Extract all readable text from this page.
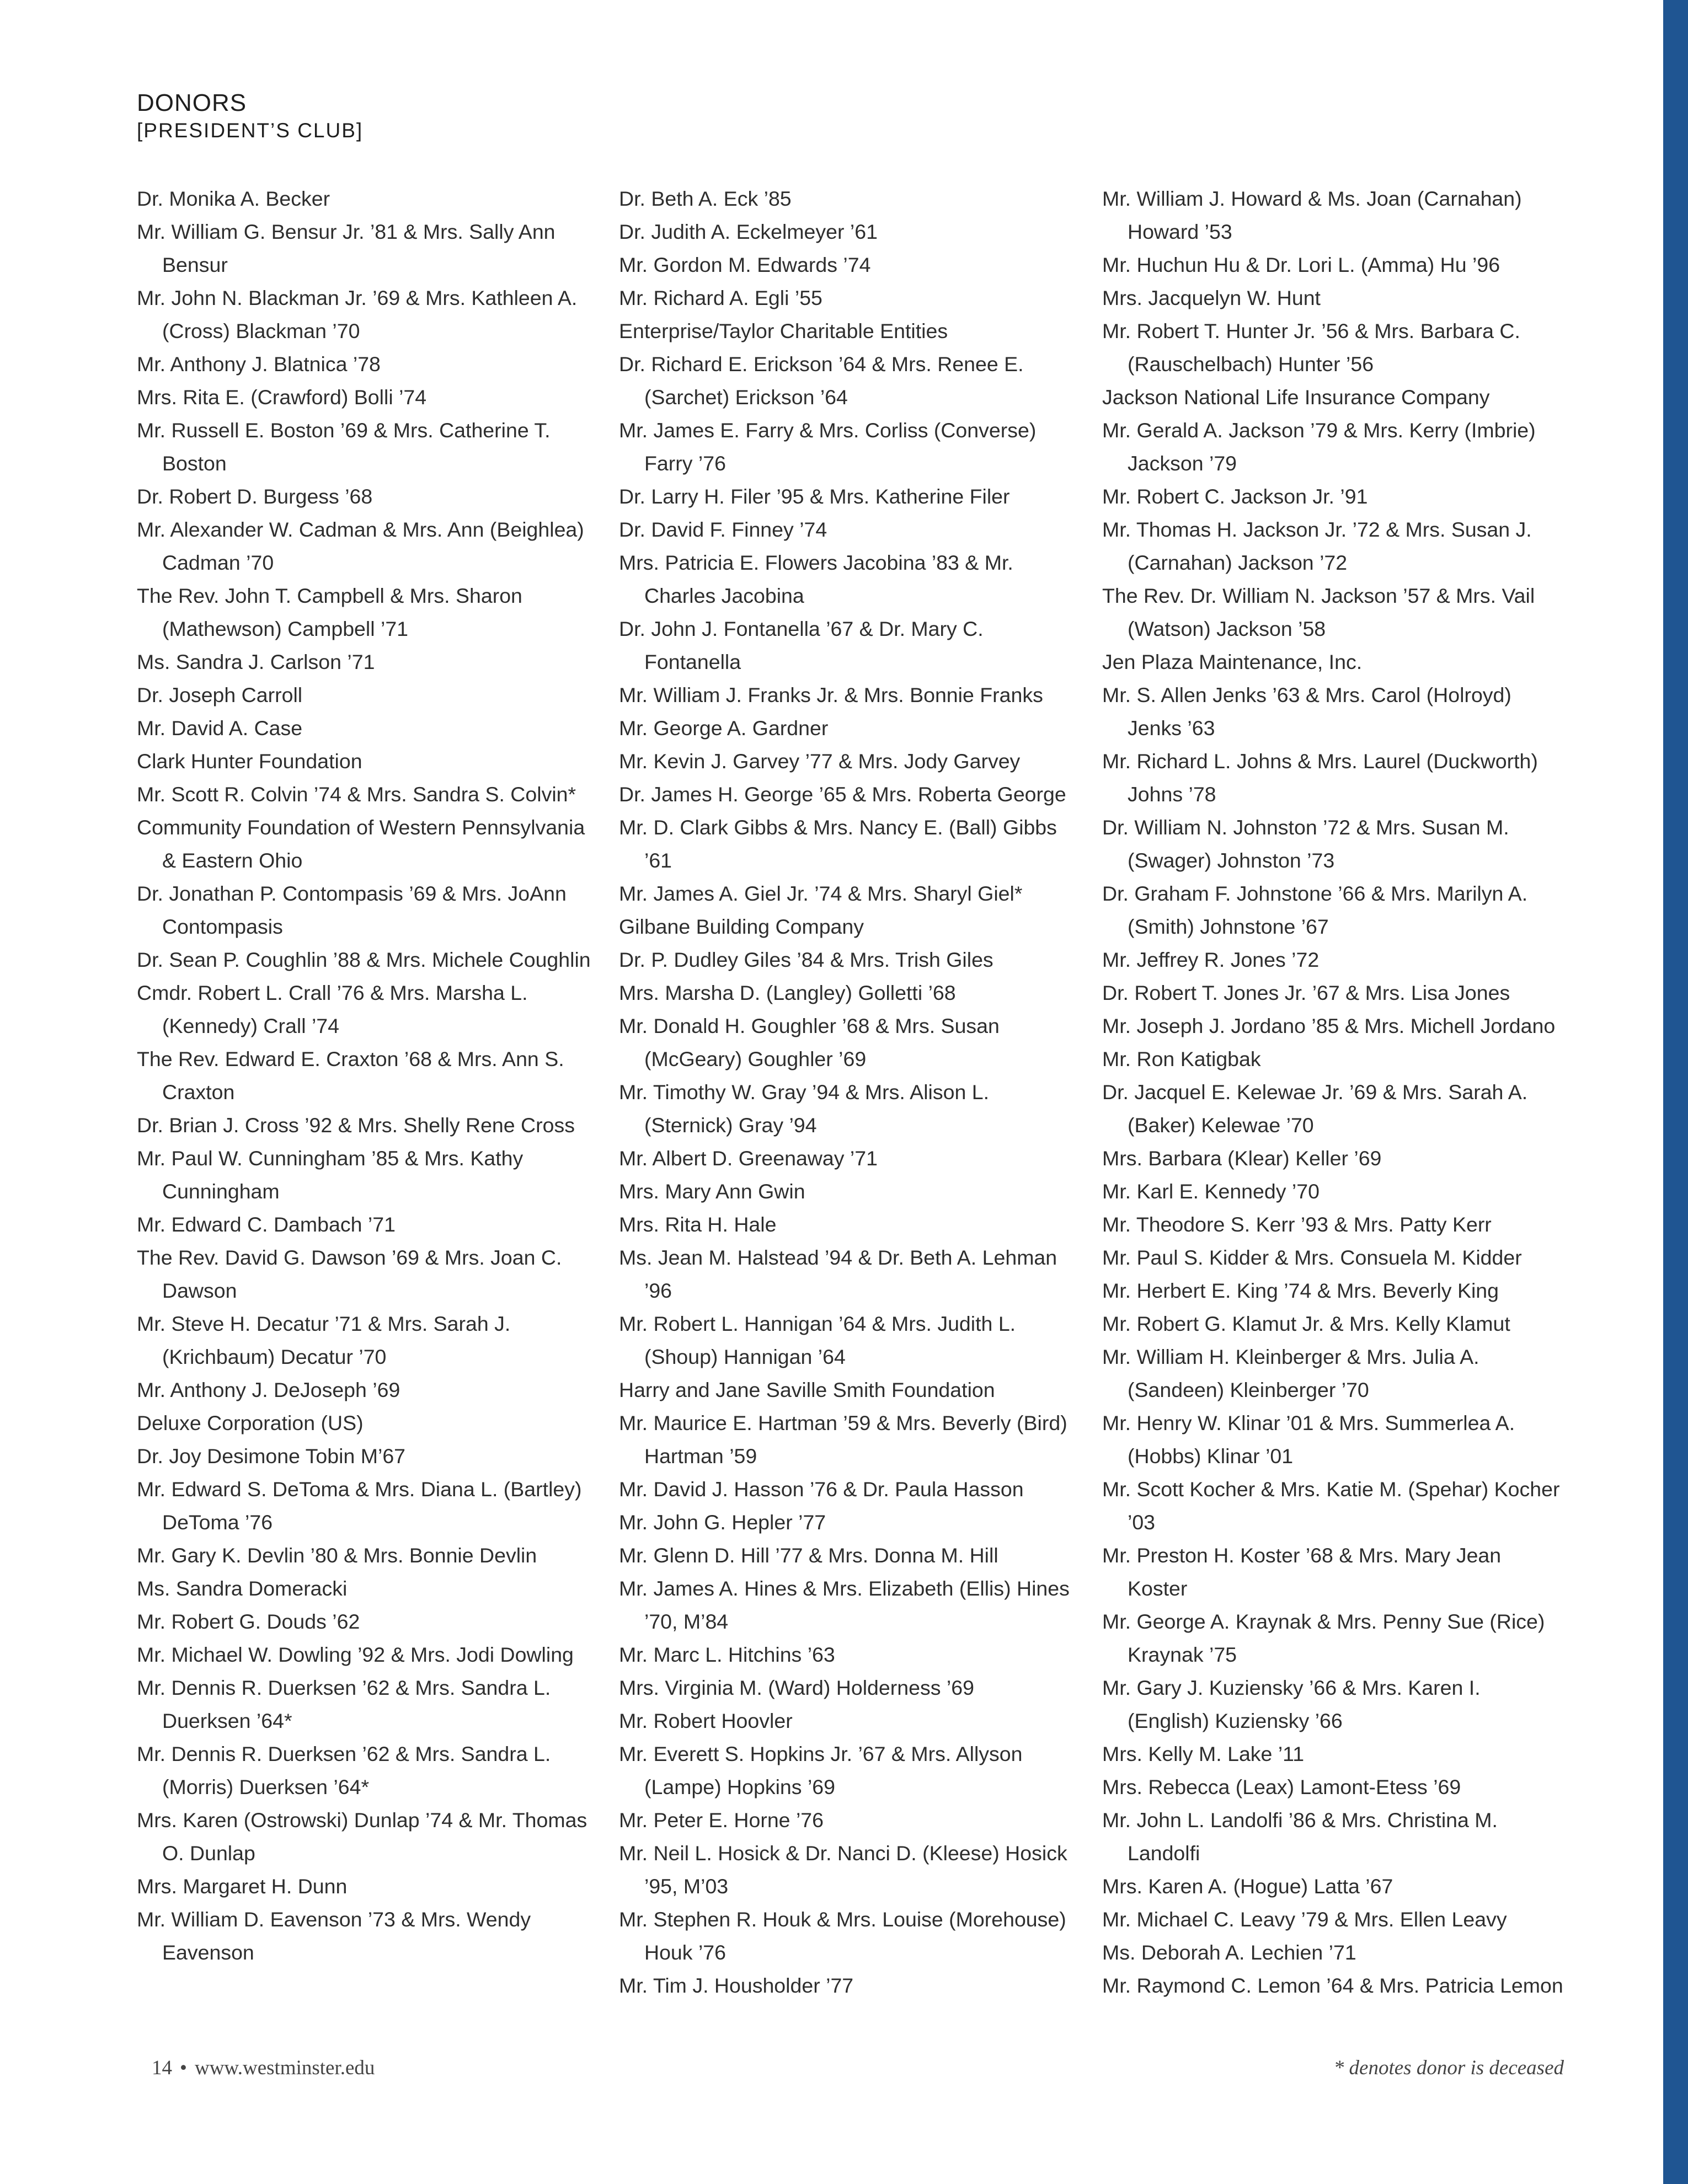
DONORS
[PRESIDENT’S CLUB]
Dr. Monika A. Becker
Mr. William G. Bensur Jr. ’81 & Mrs. Sally Ann Bensur
Mr. John N. Blackman Jr. ’69 & Mrs. Kathleen A. (Cross) Blackman ’70
Mr. Anthony J. Blatnica ’78
Mrs. Rita E. (Crawford) Bolli ’74
Mr. Russell E. Boston ’69 & Mrs. Catherine T. Boston
Dr. Robert D. Burgess ’68
Mr. Alexander W. Cadman & Mrs. Ann (Beighlea) Cadman ’70
The Rev. John T. Campbell & Mrs. Sharon (Mathewson) Campbell ’71
Ms. Sandra J. Carlson ’71
Dr. Joseph Carroll
Mr. David A. Case
Clark Hunter Foundation
Mr. Scott R. Colvin ’74 & Mrs. Sandra S. Colvin*
Community Foundation of Western Pennsylvania & Eastern Ohio
Dr. Jonathan P. Contompasis ’69 & Mrs. JoAnn Contompasis
Dr. Sean P. Coughlin ’88 & Mrs. Michele Coughlin
Cmdr. Robert L. Crall ’76 & Mrs. Marsha L. (Kennedy) Crall ’74
The Rev. Edward E. Craxton ’68 & Mrs. Ann S. Craxton
Dr. Brian J. Cross ’92 & Mrs. Shelly Rene Cross
Mr. Paul W. Cunningham ’85 & Mrs. Kathy Cunningham
Mr. Edward C. Dambach ’71
The Rev. David G. Dawson ’69 & Mrs. Joan C. Dawson
Mr. Steve H. Decatur ’71 & Mrs. Sarah J. (Krichbaum) Decatur ’70
Mr. Anthony J. DeJoseph ’69
Deluxe Corporation (US)
Dr. Joy Desimone Tobin M’67
Mr. Edward S. DeToma & Mrs. Diana L. (Bartley) DeToma ’76
Mr. Gary K. Devlin ’80 & Mrs. Bonnie Devlin
Ms. Sandra Domeracki
Mr. Robert G. Douds ’62
Mr. Michael W. Dowling ’92 & Mrs. Jodi Dowling
Mr. Dennis R. Duerksen ’62 & Mrs. Sandra L. Duerksen ’64*
Mr. Dennis R. Duerksen ’62 & Mrs. Sandra L. (Morris) Duerksen ’64*
Mrs. Karen (Ostrowski) Dunlap ’74 & Mr. Thomas O. Dunlap
Mrs. Margaret H. Dunn
Mr. William D. Eavenson ’73 & Mrs. Wendy Eavenson
Dr. Beth A. Eck ’85
Dr. Judith A. Eckelmeyer ’61
Mr. Gordon M. Edwards ’74
Mr. Richard A. Egli ’55
Enterprise/Taylor Charitable Entities
Dr. Richard E. Erickson ’64 & Mrs. Renee E. (Sarchet) Erickson ’64
Mr. James E. Farry & Mrs. Corliss (Converse) Farry ’76
Dr. Larry H. Filer ’95 & Mrs. Katherine Filer
Dr. David F. Finney ’74
Mrs. Patricia E. Flowers Jacobina ’83 & Mr. Charles Jacobina
Dr. John J. Fontanella ’67 & Dr. Mary C. Fontanella
Mr. William J. Franks Jr. & Mrs. Bonnie Franks
Mr. George A. Gardner
Mr. Kevin J. Garvey ’77 & Mrs. Jody Garvey
Dr. James H. George ’65 & Mrs. Roberta George
Mr. D. Clark Gibbs & Mrs. Nancy E. (Ball) Gibbs ’61
Mr. James A. Giel Jr. ’74 & Mrs. Sharyl Giel*
Gilbane Building Company
Dr. P. Dudley Giles ’84 & Mrs. Trish Giles
Mrs. Marsha D. (Langley) Golletti ’68
Mr. Donald H. Goughler ’68 & Mrs. Susan (McGeary) Goughler ’69
Mr. Timothy W. Gray ’94 & Mrs. Alison L. (Sternick) Gray ’94
Mr. Albert D. Greenaway ’71
Mrs. Mary Ann Gwin
Mrs. Rita H. Hale
Ms. Jean M. Halstead ’94 & Dr. Beth A. Lehman ’96
Mr. Robert L. Hannigan ’64 & Mrs. Judith L. (Shoup) Hannigan ’64
Harry and Jane Saville Smith Foundation
Mr. Maurice E. Hartman ’59 & Mrs. Beverly (Bird) Hartman ’59
Mr. David J. Hasson ’76 & Dr. Paula Hasson
Mr. John G. Hepler ’77
Mr. Glenn D. Hill ’77 & Mrs. Donna M. Hill
Mr. James A. Hines & Mrs. Elizabeth (Ellis) Hines ’70, M’84
Mr. Marc L. Hitchins ’63
Mrs. Virginia M. (Ward) Holderness ’69
Mr. Robert Hoovler
Mr. Everett S. Hopkins Jr. ’67 & Mrs. Allyson (Lampe) Hopkins ’69
Mr. Peter E. Horne ’76
Mr. Neil L. Hosick & Dr. Nanci D. (Kleese) Hosick ’95, M’03
Mr. Stephen R. Houk & Mrs. Louise (Morehouse) Houk ’76
Mr. Tim J. Housholder ’77
Mr. William J. Howard & Ms. Joan (Carnahan) Howard ’53
Mr. Huchun Hu & Dr. Lori L. (Amma) Hu ’96
Mrs. Jacquelyn W. Hunt
Mr. Robert T. Hunter Jr. ’56 & Mrs. Barbara C. (Rauschelbach) Hunter ’56
Jackson National Life Insurance Company
Mr. Gerald A. Jackson ’79 & Mrs. Kerry (Imbrie) Jackson ’79
Mr. Robert C. Jackson Jr. ’91
Mr. Thomas H. Jackson Jr. ’72 & Mrs. Susan J. (Carnahan) Jackson ’72
The Rev. Dr. William N. Jackson ’57 & Mrs. Vail (Watson) Jackson ’58
Jen Plaza Maintenance, Inc.
Mr. S. Allen Jenks ’63 & Mrs. Carol (Holroyd) Jenks ’63
Mr. Richard L. Johns & Mrs. Laurel (Duckworth) Johns ’78
Dr. William N. Johnston ’72 & Mrs. Susan M. (Swager) Johnston ’73
Dr. Graham F. Johnstone ’66 & Mrs. Marilyn A. (Smith) Johnstone ’67
Mr. Jeffrey R. Jones ’72
Dr. Robert T. Jones Jr. ’67 & Mrs. Lisa Jones
Mr. Joseph J. Jordano ’85 & Mrs. Michell Jordano
Mr. Ron Katigbak
Dr. Jacquel E. Kelewae Jr. ’69 & Mrs. Sarah A. (Baker) Kelewae ’70
Mrs. Barbara (Klear) Keller ’69
Mr. Karl E. Kennedy ’70
Mr. Theodore S. Kerr ’93 & Mrs. Patty Kerr
Mr. Paul S. Kidder & Mrs. Consuela M. Kidder
Mr. Herbert E. King ’74 & Mrs. Beverly King
Mr. Robert G. Klamut Jr. & Mrs. Kelly Klamut
Mr. William H. Kleinberger & Mrs. Julia A. (Sandeen) Kleinberger ’70
Mr. Henry W. Klinar ’01 & Mrs. Summerlea A. (Hobbs) Klinar ’01
Mr. Scott Kocher & Mrs. Katie M. (Spehar) Kocher ’03
Mr. Preston H. Koster ’68 & Mrs. Mary Jean Koster
Mr. George A. Kraynak & Mrs. Penny Sue (Rice) Kraynak ’75
Mr. Gary J. Kuziensky ’66 & Mrs. Karen I. (English) Kuziensky ’66
Mrs. Kelly M. Lake ’11
Mrs. Rebecca (Leax) Lamont-Etess ’69
Mr. John L. Landolfi ’86 & Mrs. Christina M. Landolfi
Mrs. Karen A. (Hogue) Latta ’67
Mr. Michael C. Leavy ’79 & Mrs. Ellen Leavy
Ms. Deborah A. Lechien ’71
Mr. Raymond C. Lemon ’64 & Mrs. Patricia Lemon
14 • www.westminster.edu	* denotes donor is deceased
